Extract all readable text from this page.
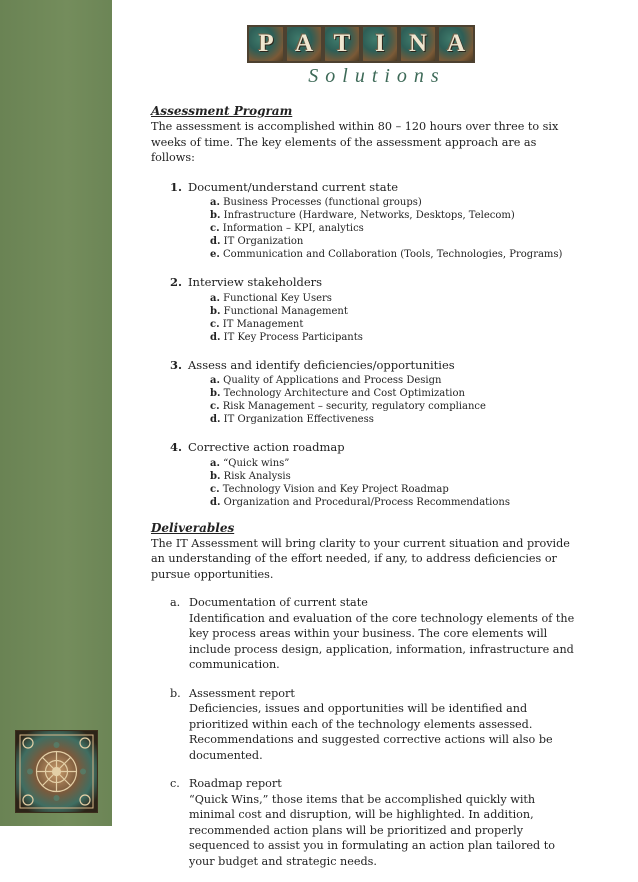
P A T I N A
Solutions
Assessment Program

The assessment is accomplished within 80 – 120 hours over three to six weeks of time. The key elements of the assessment approach are as follows:

1. Document/understand current state
a. Business Processes (functional groups)
b. Infrastructure (Hardware, Networks, Desktops, Telecom)
c. Information – KPI, analytics
d. IT Organization
e. Communication and Collaboration (Tools, Technologies, Programs)
2. Interview stakeholders
a. Functional Key Users
b. Functional Management
c. IT Management
d. IT Key Process Participants
3. Assess and identify deficiencies/opportunities
a. Quality of Applications and Process Design
b. Technology Architecture and Cost Optimization
c. Risk Management – security, regulatory compliance
d. IT Organization Effectiveness
4. Corrective action roadmap
a. “Quick wins”
b. Risk Analysis
c. Technology Vision and Key Project Roadmap
d. Organization and Procedural/Process Recommendations
Deliverables

The IT Assessment will bring clarity to your current situation and provide an understanding of the effort needed, if any, to address deficiencies or pursue opportunities.

a. Documentation of current state
Identification and evaluation of the core technology elements of the key process areas within your business. The core elements will include process design, application, information, infrastructure and communication.
b. Assessment report
Deficiencies, issues and opportunities will be identified and prioritized within each of the technology elements assessed. Recommendations and suggested corrective actions will also be documented.
c. Roadmap report
“Quick Wins,” those items that be accomplished quickly with minimal cost and disruption, will be highlighted. In addition, recommended action plans will be prioritized and properly sequenced to assist you in formulating an action plan tailored to your budget and strategic needs.
